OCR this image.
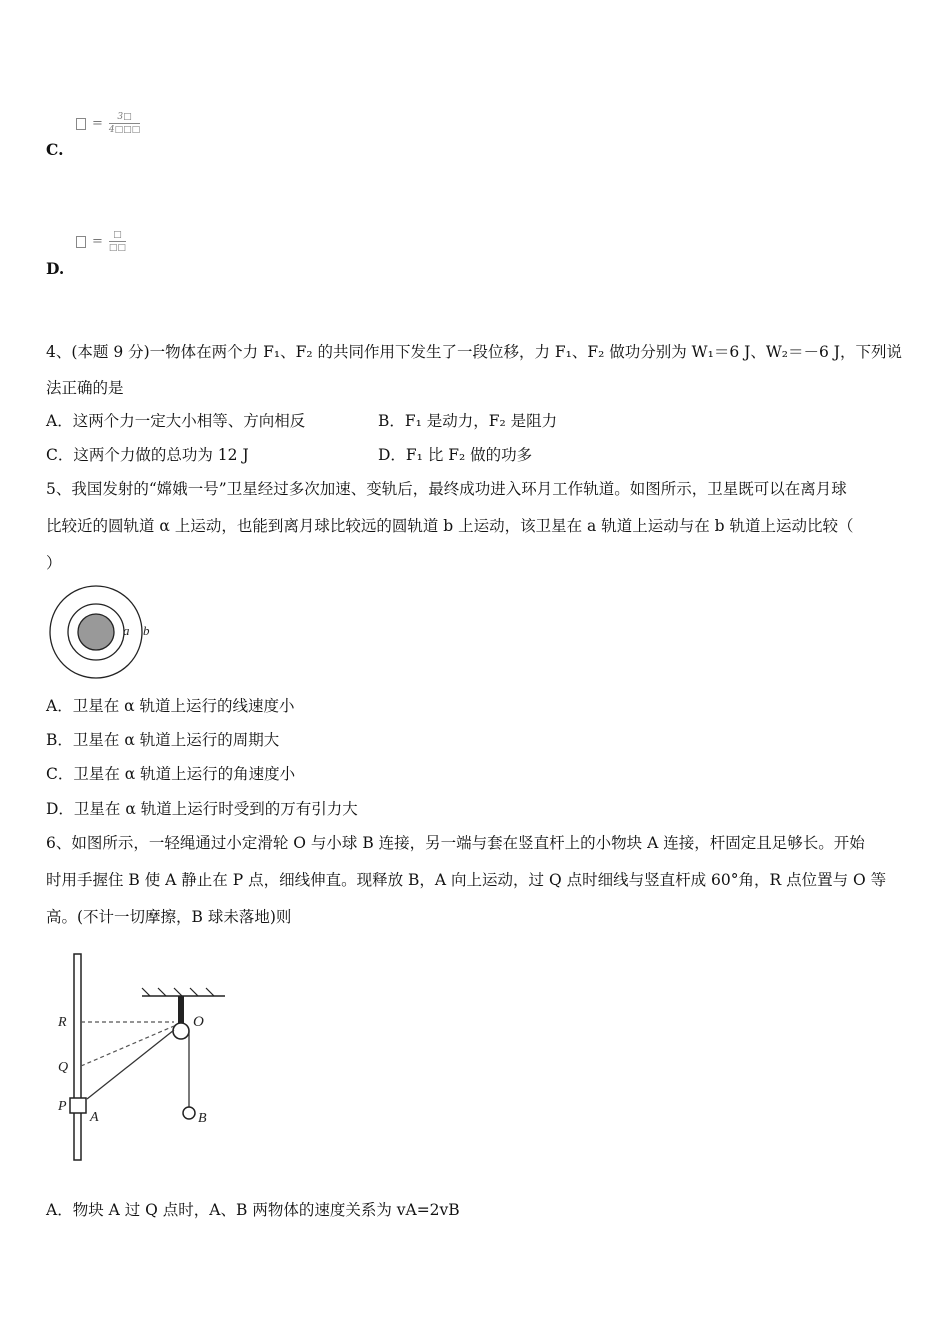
= $\frac{3□}{4□□□}$
C.
= $\frac{□}{□□}$
D.
4、(本题 9 分)一物体在两个力 F₁、F₂ 的共同作用下发生了一段位移，力 F₁、F₂ 做功分别为 W₁＝6 J、W₂＝－6 J，下列说
法正确的是
A．这两个力一定大小相等、方向相反	B．F₁ 是动力，F₂ 是阻力
C．这两个力做的总功为 12 J	D．F₁ 比 F₂ 做的功多
5、我国发射的“嫦娥一号”卫星经过多次加速、变轨后，最终成功进入环月工作轨道。如图所示，卫星既可以在离月球
比较近的圆轨道 α 上运动，也能到离月球比较远的圆轨道 b 上运动，该卫星在 a 轨道上运动与在 b 轨道上运动比较（
）
a b
A．卫星在 α 轨道上运行的线速度小
B．卫星在 α 轨道上运行的周期大
C．卫星在 α 轨道上运行的角速度小
D．卫星在 α 轨道上运行时受到的万有引力大
6、如图所示，一轻绳通过小定滑轮 O 与小球 B 连接，另一端与套在竖直杆上的小物块 A 连接，杆固定且足够长。开始
时用手握住 B 使 A 静止在 P 点，细线伸直。现释放 B，A 向上运动，过 Q 点时细线与竖直杆成 60°角，R 点位置与 O 等
高。(不计一切摩擦，B 球未落地)则
R
Q
P
A
O
B
A．物块 A 过 Q 点时，A、B 两物体的速度关系为 vA=2vB
